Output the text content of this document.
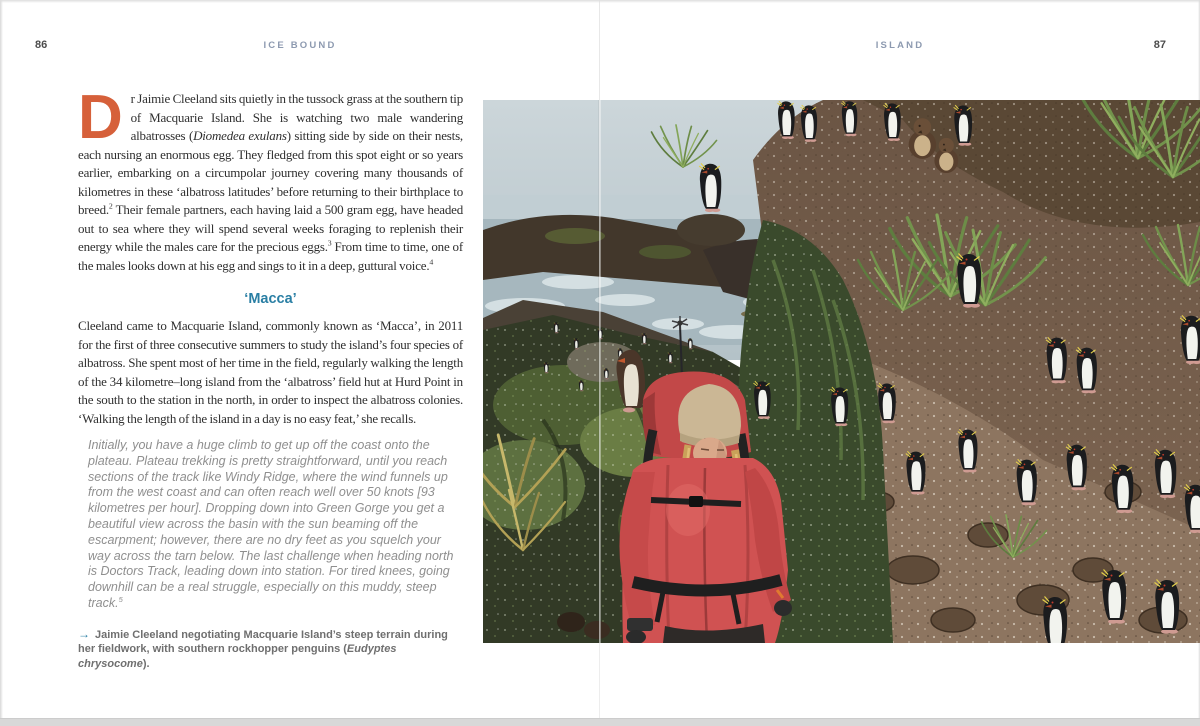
86	ICE BOUND	ISLAND	87

Dr Jaimie Cleeland sits quietly in the tussock grass at the southern tip of Macquarie Island. She is watching two male wandering albatrosses (Diomedea exulans) sitting side by side on their nests, each nursing an enormous egg. They fledged from this spot eight or so years earlier, embarking on a circumpolar journey covering many thousands of kilometres in these ‘albatross latitudes’ before returning to their birthplace to breed.$^2$ Their female partners, each having laid a 500 gram egg, have headed out to sea where they will spend several weeks foraging to replenish their energy while the males care for the precious eggs.$^3$ From time to time, one of the males looks down at his egg and sings to it in a deep, guttural voice.$^4$

‘Macca’

Cleeland came to Macquarie Island, commonly known as ‘Macca’, in 2011 for the first of three consecutive summers to study the island’s four species of albatross. She spent most of her time in the field, regularly walking the length of the 34 kilometre–long island from the ‘albatross’ field hut at Hurd Point in the south to the station in the north, in order to inspect the albatross colonies. ‘Walking the length of the island in a day is no easy feat,’ she recalls.

Initially, you have a huge climb to get up off the coast onto the plateau. Plateau trekking is pretty straightforward, until you reach sections of the track like Windy Ridge, where the wind funnels up from the west coast and can often reach well over 50 knots [93 kilometres per hour]. Dropping down into Green Gorge you get a beautiful view across the basin with the sun beaming off the escarpment; however, there are no dry feet as you squelch your way across the tarn below. The last challenge when heading north is Doctors Track, leading down into station. For tired knees, going downhill can be a real struggle, especially on this muddy, steep track.$^5$
→ Jaimie Cleeland negotiating Macquarie Island’s steep terrain during her fieldwork, with southern rockhopper penguins (Eudyptes chrysocome).
